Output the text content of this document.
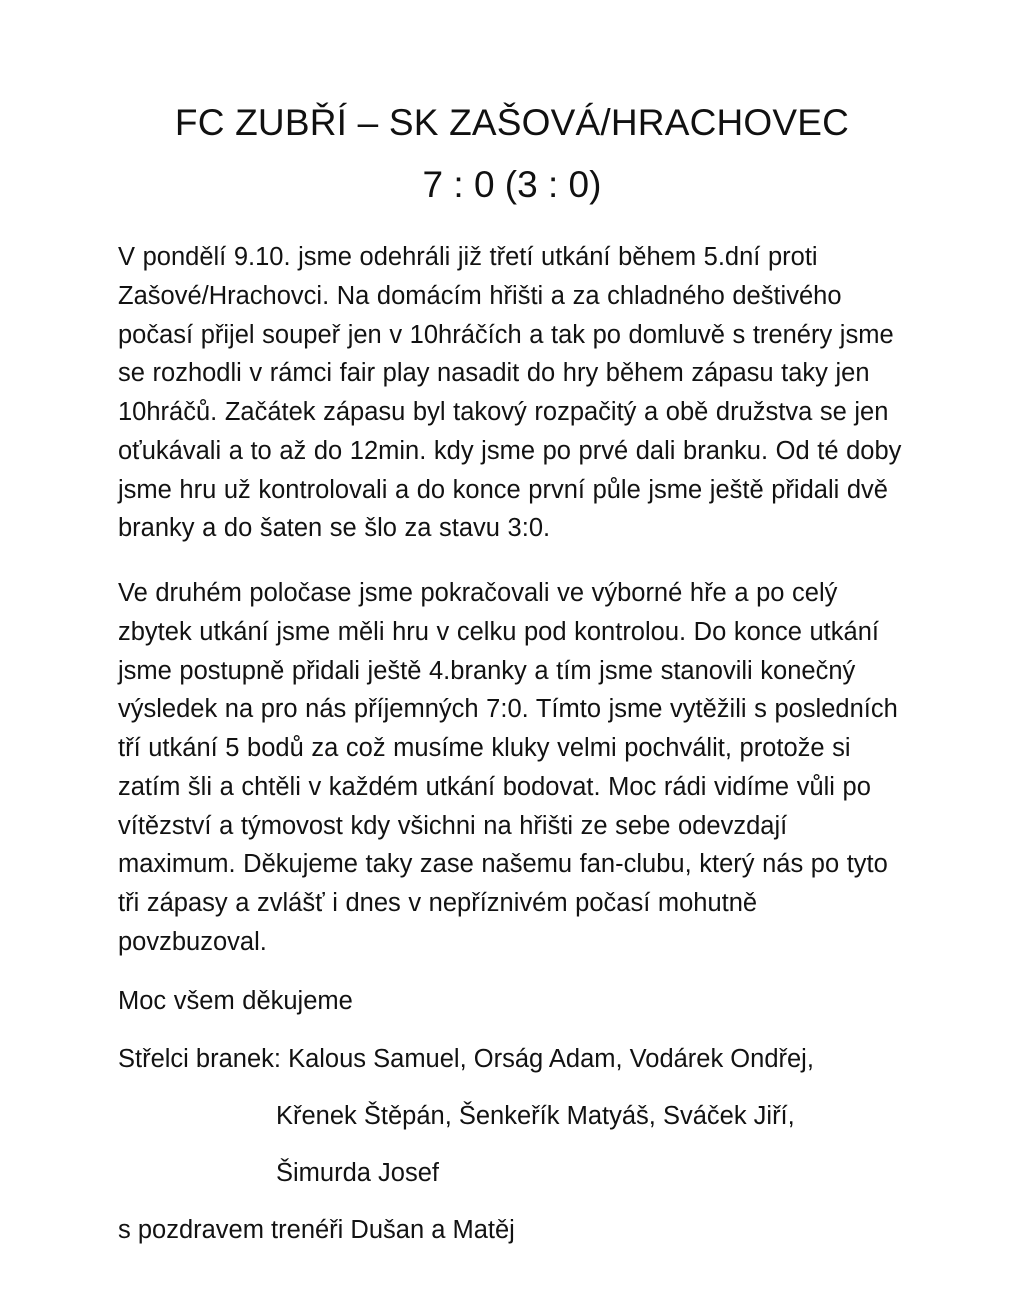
FC ZUBŘÍ – SK ZAŠOVÁ/HRACHOVEC
7 : 0 (3 : 0)

V pondělí 9.10. jsme odehráli již třetí utkání během 5.dní proti Zašové/Hrachovci. Na domácím hřišti a za chladného deštivého počasí přijel soupeř jen v 10hráčích a tak po domluvě s trenéry jsme se rozhodli v rámci fair play nasadit do hry během zápasu taky jen 10hráčů. Začátek zápasu byl takový rozpačitý a obě družstva se jen oťukávali a to až do 12min. kdy jsme po prvé dali branku. Od té doby jsme hru už kontrolovali a do konce první půle jsme ještě přidali dvě branky a do šaten se šlo za stavu 3:0.

Ve druhém poločase jsme pokračovali ve výborné hře a po celý zbytek utkání jsme měli hru v celku pod kontrolou. Do konce utkání jsme postupně přidali ještě 4.branky a tím jsme stanovili konečný výsledek na pro nás příjemných 7:0. Tímto jsme vytěžili s posledních tří utkání 5 bodů za což musíme kluky velmi pochválit, protože si zatím šli a chtěli v každém utkání bodovat. Moc rádi vidíme vůli po vítězství a týmovost kdy všichni na hřišti ze sebe odevzdají maximum. Děkujeme taky zase našemu fan-clubu, který nás po tyto tři zápasy a zvlášť i dnes v nepříznivém počasí mohutně povzbuzoval.

Moc všem děkujeme

Střelci branek: Kalous Samuel, Orság Adam, Vodárek Ondřej,
Křenek Štěpán, Šenkeřík Matyáš, Sváček Jiří,
Šimurda Josef

s pozdravem trenéři Dušan a Matěj
